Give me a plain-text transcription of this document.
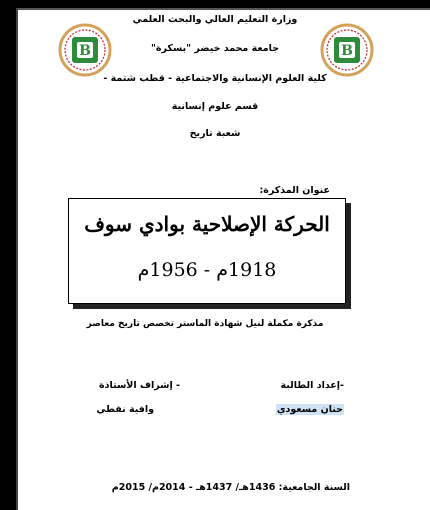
B	B
وزارة التعليم العالي والبحث العلمي
جامعة محمد خيضر "بسكرة"
كلية العلوم الإنسانية والاجتماعية - قطب شتمة -
قسم علوم إنسانية
شعبة تاريخ
عنوان المذكرة:
الحركة الإصلاحية بوادي سوف
1918م - 1956م
مذكرة مكملة لنيل شهادة الماستر تخصص تاريخ معاصر
-إعداد الطالبة
- إشراف الأستاذة
حنان مسعودي
وافية نفطي
السنة الجامعية: 1436هـ/ 1437هـ - 2014م/ 2015م
